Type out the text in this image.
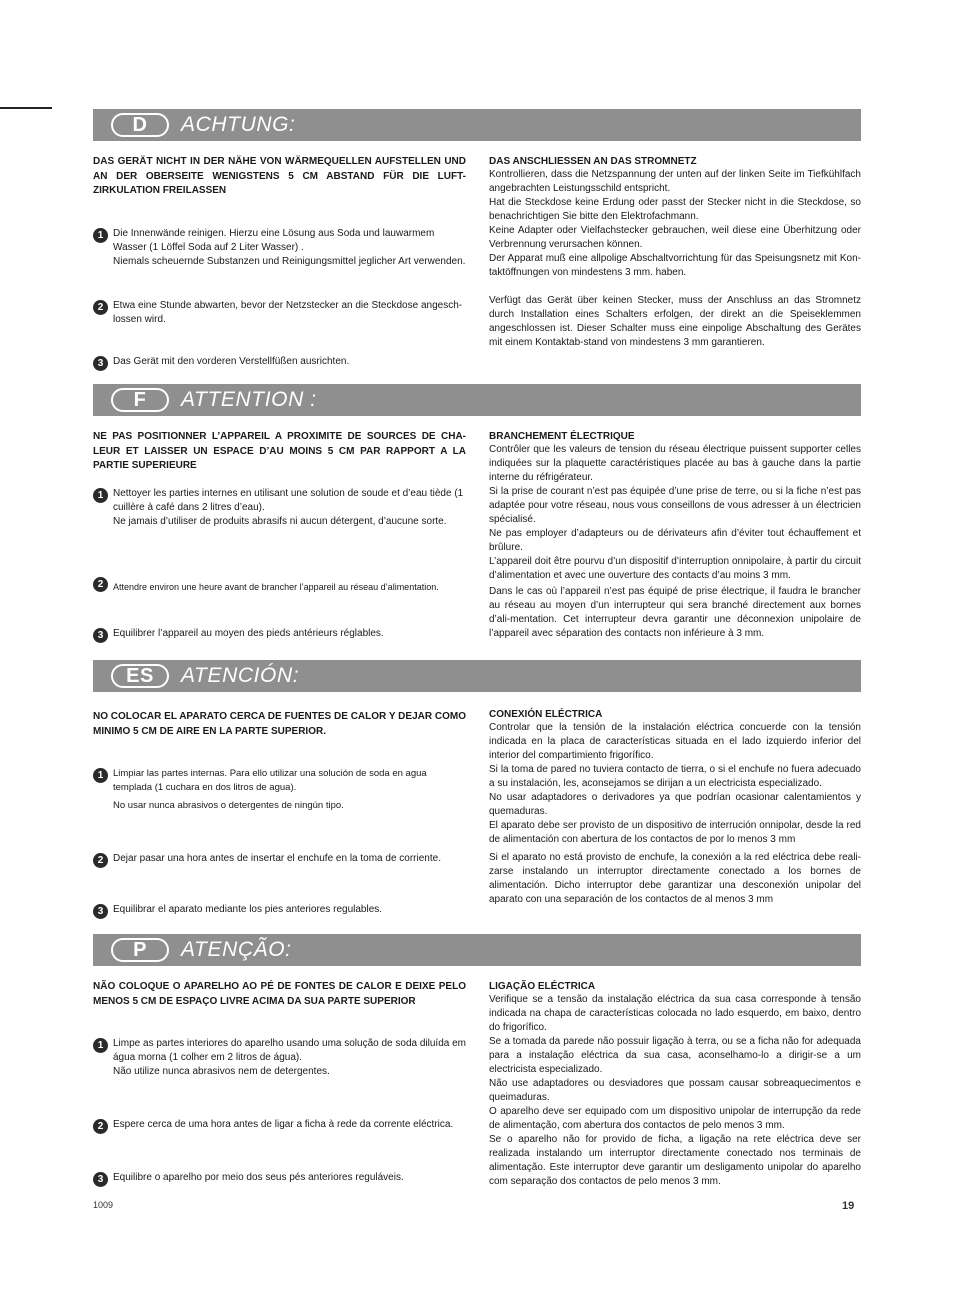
D	ACHTUNG:
DAS GERÄT NICHT IN DER NÄHE VON WÄRMEQUELLEN AUFSTELLEN UND AN DER OBERSEITE WENIGSTENS 5 CM ABSTAND FÜR DIE LUFT-ZIRKULATION FREILASSEN
1 Die Innenwände reinigen. Hierzu eine Lösung aus Soda und lauwarmem Wasser (1 Löffel Soda auf 2 Liter Wasser) .
Niemals scheuernde Substanzen und Reinigungsmittel jeglicher Art verwenden.
2 Etwa eine Stunde abwarten, bevor der Netzstecker an die Steckdose angesch-lossen wird.
3 Das Gerät mit den vorderen Verstellfüßen ausrichten.
DAS ANSCHLIESSEN AN DAS STROMNETZ
Kontrollieren, dass die Netzspannung der unten auf der linken Seite im Tiefkühlfach angebrachten Leistungsschild entspricht.
Hat die Steckdose keine Erdung oder passt der Stecker nicht in die Steckdose, so benachrichtigen Sie bitte den Elektrofachmann.
Keine Adapter oder Vielfachstecker gebrauchen, weil diese eine Überhitzung oder Verbrennung verursachen können.
Der Apparat muß eine allpolige Abschaltvorrichtung für das Speisungsnetz mit Kon-taktöffnungen von mindestens 3 mm. haben.
Verfügt das Gerät über keinen Stecker, muss der Anschluss an das Stromnetz durch Installation eines Schalters erfolgen, der direkt an die Speiseklemmen angeschlossen ist. Dieser Schalter muss eine einpolige Abschaltung des Gerätes mit einem Kontaktab-stand von mindestens 3 mm garantieren.
F	ATTENTION :
NE PAS POSITIONNER L’APPAREIL A PROXIMITE DE SOURCES DE CHA-LEUR ET LAISSER UN ESPACE D’AU MOINS 5 CM PAR RAPPORT A LA PARTIE SUPERIEURE
1 Nettoyer les parties internes en utilisant une solution de soude et d’eau tiède (1 cuillère à café dans 2 litres d’eau).
Ne jamais d’utiliser de produits abrasifs ni aucun détergent, d’aucune sorte.
2	Attendre environ une heure avant de brancher l’appareil au réseau d’alimentation.
3 Equilibrer l’appareil au moyen des pieds antérieurs réglables.
BRANCHEMENT ÉLECTRIQUE
Contrôler que les valeurs de tension du réseau électrique puissent supporter celles indiquées sur la plaquette caractéristiques placée au bas à gauche dans la partie interne du réfrigérateur.
Si la prise de courant n’est pas équipée d’une prise de terre, ou si la fiche n’est pas adaptée pour votre réseau, nous vous conseillons de vous adresser à un électricien spécialisé.
Ne pas employer d’adapteurs ou de dérivateurs afin d’éviter tout échauffement et brûlure.
L’appareil doit être pourvu d’un dispositif d’interruption onnipolaire, à partir du circuit d’alimentation et avec une ouverture des contacts d’au moins 3 mm.
Dans le cas où l’appareil n’est pas équipé de prise électrique, il faudra le brancher au réseau au moyen d’un interrupteur qui sera branché directement aux bornes d’ali-mentation. Cet interrupteur devra garantir une déconnexion unipolaire de l’appareil avec séparation des contacts non inférieure à 3 mm.
ES	ATENCIÓN:
NO COLOCAR EL APARATO CERCA DE FUENTES DE CALOR Y DEJAR COMO MINIMO 5 CM DE AIRE EN LA PARTE SUPERIOR.
1	Limpiar las partes internas. Para ello utilizar una solución de soda en agua templada (1 cuchara en dos litros de agua).
No usar nunca abrasivos o detergentes de ningún tipo.
2 Dejar pasar una hora antes de insertar el enchufe en la toma de corriente.
3 Equilibrar el aparato mediante los pies anteriores regulables.
CONEXIÓN ELÉCTRICA
Controlar que la tensión de la instalación eléctrica concuerde con la tensión indicada en la placa de características situada en el lado izquierdo inferior del interior del compartimiento frigorífico.
Si la toma de pared no tuviera contacto de tierra, o si el enchufe no fuera adecuado a su instalación, les, aconsejamos se dirijan a un electricista especializado.
No usar adaptadores o derivadores ya que podrían ocasionar calentamientos y quemaduras.
El aparato debe ser provisto de un dispositivo de interrución onnipolar, desde la red de alimentación con abertura de los contactos de por lo menos 3 mm
Si el aparato no está provisto de enchufe, la conexión a la red eléctrica debe reali-zarse instalando un interruptor directamente conectado a los bornes de alimentación. Dicho interruptor debe garantizar una desconexión unipolar del aparato con una separación de los contactos de al menos 3 mm
P	ATENÇÃO:
NÃO COLOQUE O APARELHO AO PÉ DE FONTES DE CALOR E DEIXE PELO MENOS 5 CM DE ESPAÇO LIVRE ACIMA DA SUA PARTE SUPERIOR
1 Limpe as partes interiores do aparelho usando uma solução de soda diluída em água morna (1 colher em 2 litros de água).
Não utilize nunca abrasivos nem de detergentes.
2 Espere cerca de uma hora antes de ligar a ficha à rede da corrente eléctrica.
3 Equilibre o aparelho por meio dos seus pés anteriores reguláveis.
LIGAÇÃO ELÉCTRICA
Verifique se a tensão da instalação eléctrica da sua casa corresponde à tensão indicada na chapa de características colocada no lado esquerdo, em baixo, dentro do frigorífico.
Se a tomada da parede não possuir ligação à terra, ou se a ficha não for adequada para a instalação eléctrica da sua casa, aconselhamo-lo a dirigir-se a um electricista especializado.
Não use adaptadores ou desviadores que possam causar sobreaquecimentos e queimaduras.
O aparelho deve ser equipado com um dispositivo unipolar de interrupção da rede de alimentação, com abertura dos contactos de pelo menos 3 mm.
Se o aparelho não for provido de ficha, a ligação na rete eléctrica deve ser realizada instalando um interruptor directamente conectado nos terminais de alimentação. Este interruptor deve garantir um desligamento unipolar do aparelho com separação dos contactos de pelo menos 3 mm.
1009	19
